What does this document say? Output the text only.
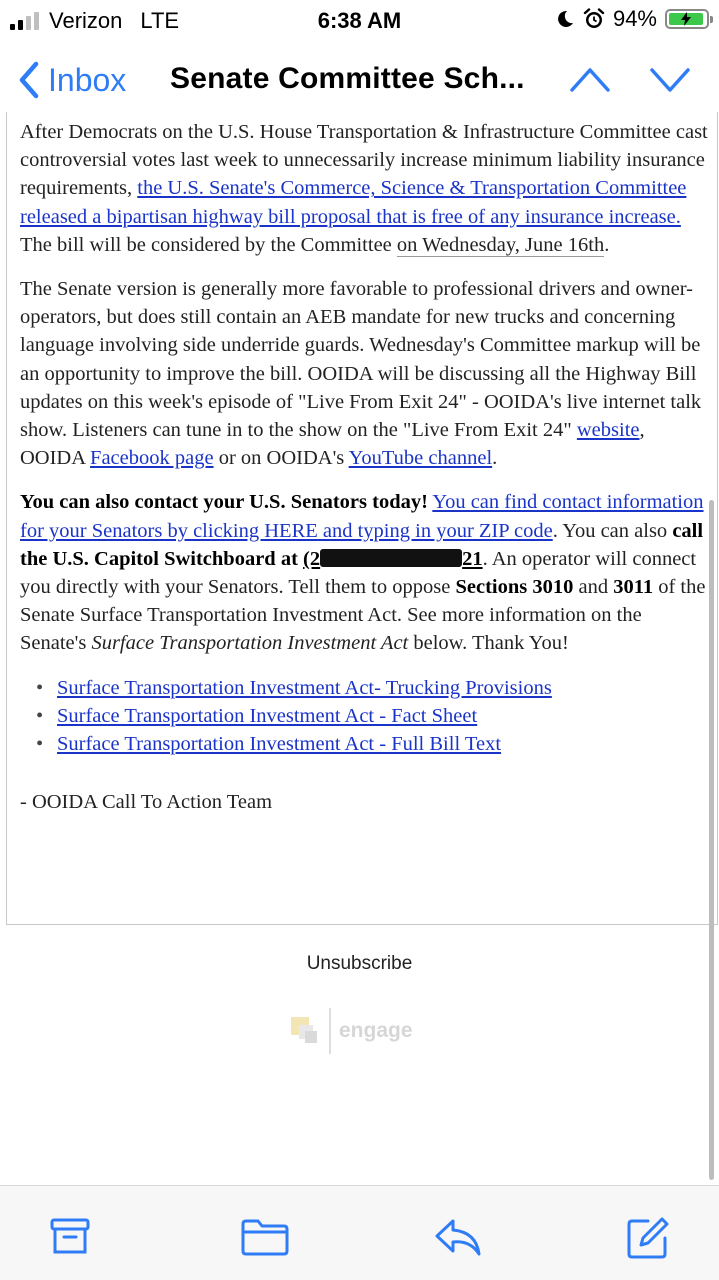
Verizon LTE	6:38 AM	94%
Inbox Senate Committee Sch...

After Democrats on the U.S. House Transportation & Infrastructure Committee cast controversial votes last week to unnecessarily increase minimum liability insurance requirements, the U.S. Senate's Commerce, Science & Transportation Committee released a bipartisan highway bill proposal that is free of any insurance increase. The bill will be considered by the Committee on Wednesday, June 16th.

The Senate version is generally more favorable to professional drivers and owner-operators, but does still contain an AEB mandate for new trucks and concerning language involving side underride guards. Wednesday's Committee markup will be an opportunity to improve the bill. OOIDA will be discussing all the Highway Bill updates on this week's episode of "Live From Exit 24" - OOIDA's live internet talk show. Listeners can tune in to the show on the "Live From Exit 24" website, OOIDA Facebook page or on OOIDA's YouTube channel.

You can also contact your U.S. Senators today! You can find contact information for your Senators by clicking HERE and typing in your ZIP code. You can also call the U.S. Capitol Switchboard at (2	21. An operator will connect you directly with your Senators. Tell them to oppose Sections 3010 and 3011 of the Senate Surface Transportation Investment Act. See more information on the Senate's Surface Transportation Investment Act below. Thank You!

• Surface Transportation Investment Act- Trucking Provisions
• Surface Transportation Investment Act - Fact Sheet
• Surface Transportation Investment Act - Full Bill Text

- OOIDA Call To Action Team

Unsubscribe
engage
